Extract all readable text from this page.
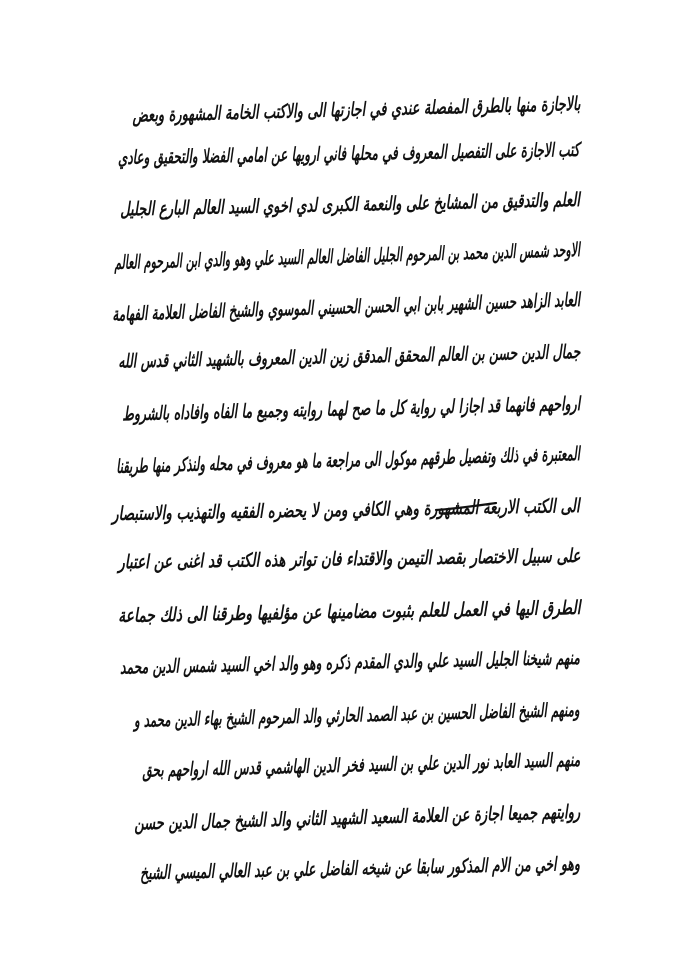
بالاجازة منها بالطرق المفصلة عندي في اجازتها الى والاكتب الخامة المشهورة وبعض
كتب الاجازة على التفصيل المعروف في محلها فاني ارويها عن امامي الفضلا والتحقيق وعادي
العلم والتدقيق من المشايخ على والنعمة الكبرى لدي اخوي السيد العالم البارع الجليل
الاوحد شمس الدين محمد بن المرحوم الجليل الفاضل العالم السيد علي وهو والدي ابن المرحوم العالم
العابد الزاهد حسين الشهير بابن ابي الحسن الحسيني الموسوي والشيخ الفاضل العلامة الفهامة
جمال الدين حسن بن العالم المحقق المدقق زين الدين المعروف بالشهيد الثاني قدس الله
ارواحهم فانهما قد اجازا لي رواية كل ما صح لهما روايته وجميع ما الفاه وافاداه بالشروط
المعتبرة في ذلك وتفصيل طرقهم موكول الى مراجعة ما هو معروف في محله ولنذكر منها طريقنا
الى الكتب الاربعة المشهورة وهي الكافي ومن لا يحضره الفقيه والتهذيب والاستبصار
على سبيل الاختصار بقصد التيمن والاقتداء فان تواتر هذه الكتب قد اغنى عن اعتبار
الطرق اليها في العمل للعلم بثبوت مضامينها عن مؤلفيها وطرقنا الى ذلك جماعة
منهم شيخنا الجليل السيد علي والدي المقدم ذكره وهو والد اخي السيد شمس الدين محمد
ومنهم الشيخ الفاضل الحسين بن عبد الصمد الحارثي والد المرحوم الشيخ بهاء الدين محمد و
منهم السيد العابد نور الدين علي بن السيد فخر الدين الهاشمي قدس الله ارواحهم بحق
روايتهم جميعا اجازة عن العلامة السعيد الشهيد الثاني والد الشيخ جمال الدين حسن
وهو اخي من الام المذكور سابقا عن شيخه الفاضل علي بن عبد العالي الميسي الشيخ
